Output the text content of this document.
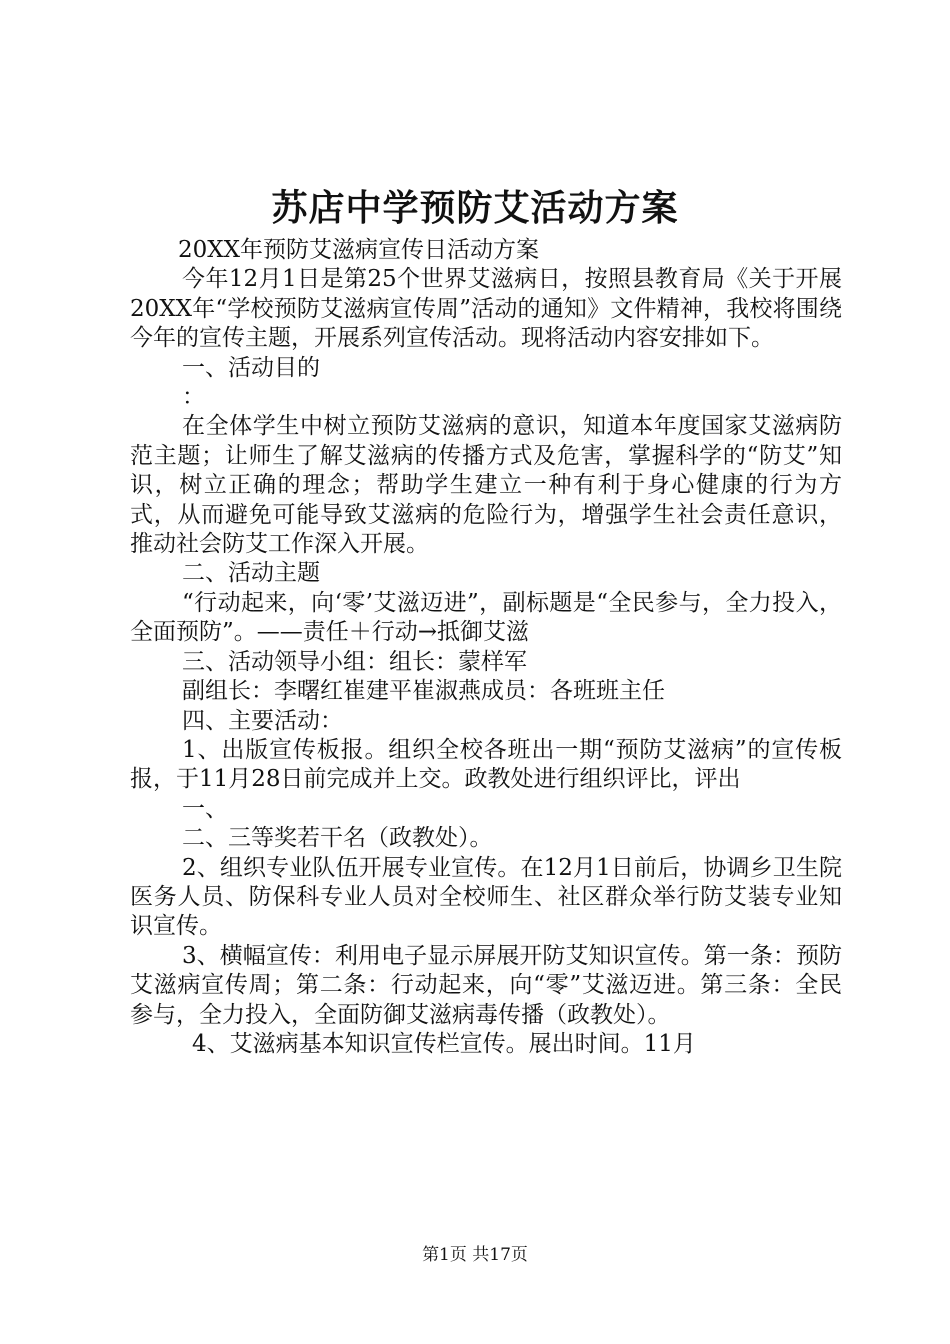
苏店中学预防艾活动方案

20XX年预防艾滋病宣传日活动方案

今年12月1日是第25个世界艾滋病日，按照县教育局《关于开展20XX年“学校预防艾滋病宣传周”活动的通知》文件精神，我校将围绕今年的宣传主题，开展系列宣传活动。现将活动内容安排如下。

一、活动目的

：

在全体学生中树立预防艾滋病的意识，知道本年度国家艾滋病防范主题；让师生了解艾滋病的传播方式及危害，掌握科学的“防艾”知识，树立正确的理念；帮助学生建立一种有利于身心健康的行为方式，从而避免可能导致艾滋病的危险行为，增强学生社会责任意识，推动社会防艾工作深入开展。

二、活动主题

“行动起来，向‘零’艾滋迈进”，副标题是“全民参与，全力投入，全面预防”。——责任＋行动→抵御艾滋

三、活动领导小组：组长：蒙样军

副组长：李曙红崔建平崔淑燕成员：各班班主任

四、主要活动：

1、出版宣传板报。组织全校各班出一期“预防艾滋病”的宣传板报，于11月28日前完成并上交。政教处进行组织评比，评出

一、

二、三等奖若干名（政教处）。

2、组织专业队伍开展专业宣传。在12月1日前后，协调乡卫生院医务人员、防保科专业人员对全校师生、社区群众举行防艾装专业知识宣传。

3、横幅宣传：利用电子显示屏展开防艾知识宣传。第一条：预防艾滋病宣传周；第二条：行动起来，向“零”艾滋迈进。第三条：全民参与，全力投入，全面防御艾滋病毒传播（政教处）。

4、艾滋病基本知识宣传栏宣传。展出时间。11月

第1页 共17页
